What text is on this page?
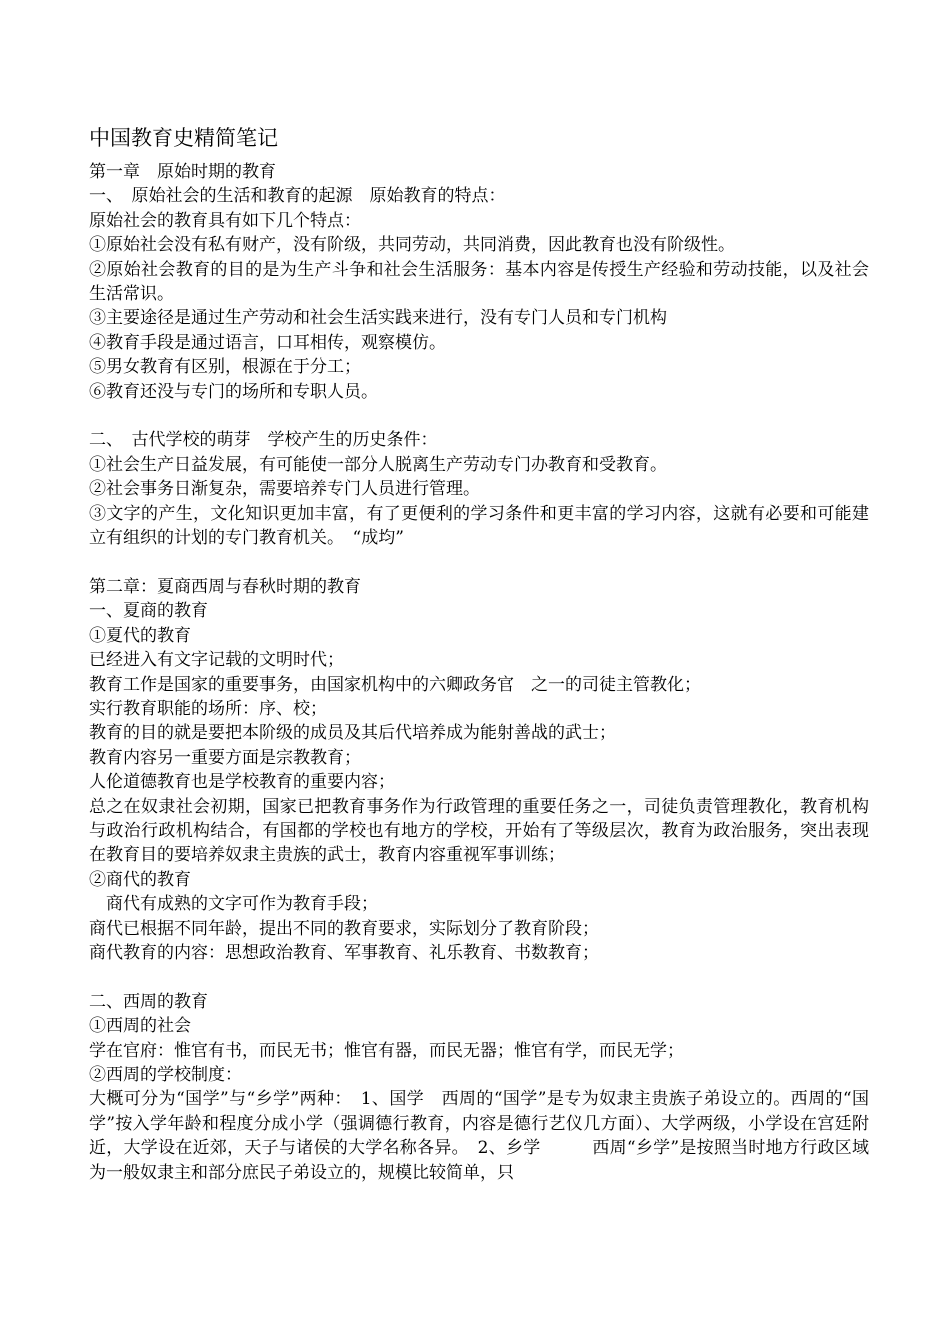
中国教育史精简笔记
第一章　原始时期的教育
一、　原始社会的生活和教育的起源　原始教育的特点：
原始社会的教育具有如下几个特点：
①原始社会没有私有财产，没有阶级，共同劳动，共同消费，因此教育也没有阶级性。
②原始社会教育的目的是为生产斗争和社会生活服务：基本内容是传授生产经验和劳动技能，以及社会生活常识。
③主要途径是通过生产劳动和社会生活实践来进行，没有专门人员和专门机构
④教育手段是通过语言，口耳相传，观察模仿。
⑤男女教育有区别，根源在于分工；
⑥教育还没与专门的场所和专职人员。
二、　古代学校的萌芽　学校产生的历史条件：
①社会生产日益发展，有可能使一部分人脱离生产劳动专门办教育和受教育。
②社会事务日渐复杂，需要培养专门人员进行管理。
③文字的产生，文化知识更加丰富，有了更便利的学习条件和更丰富的学习内容，这就有必要和可能建立有组织的计划的专门教育机关。　“成均”
第二章：夏商西周与春秋时期的教育
一、夏商的教育
①夏代的教育
已经进入有文字记载的文明时代；
教育工作是国家的重要事务，由国家机构中的六卿政务官　之一的司徒主管教化；
实行教育职能的场所：序、校；
教育的目的就是要把本阶级的成员及其后代培养成为能射善战的武士；
教育内容另一重要方面是宗教教育；
人伦道德教育也是学校教育的重要内容；
总之在奴隶社会初期，国家已把教育事务作为行政管理的重要任务之一，司徒负责管理教化，教育机构与政治行政机构结合，有国都的学校也有地方的学校，开始有了等级层次，教育为政治服务，突出表现在教育目的要培养奴隶主贵族的武士，教育内容重视军事训练；
②商代的教育
　商代有成熟的文字可作为教育手段；
商代已根据不同年龄，提出不同的教育要求，实际划分了教育阶段；
商代教育的内容：思想政治教育、军事教育、礼乐教育、书数教育；
二、西周的教育
①西周的社会
学在官府：惟官有书，而民无书；惟官有器，而民无器；惟官有学，而民无学；
②西周的学校制度：
大概可分为“国学”与“乡学”两种：　1、国学　西周的“国学”是专为奴隶主贵族子弟设立的。西周的“国学”按入学年龄和程度分成小学（强调德行教育，内容是德行艺仪几方面）、大学两级，小学设在宫廷附近，大学设在近郊，天子与诸侯的大学名称各异。　2、乡学　　　西周“乡学”是按照当时地方行政区域为一般奴隶主和部分庶民子弟设立的，规模比较简单，只
